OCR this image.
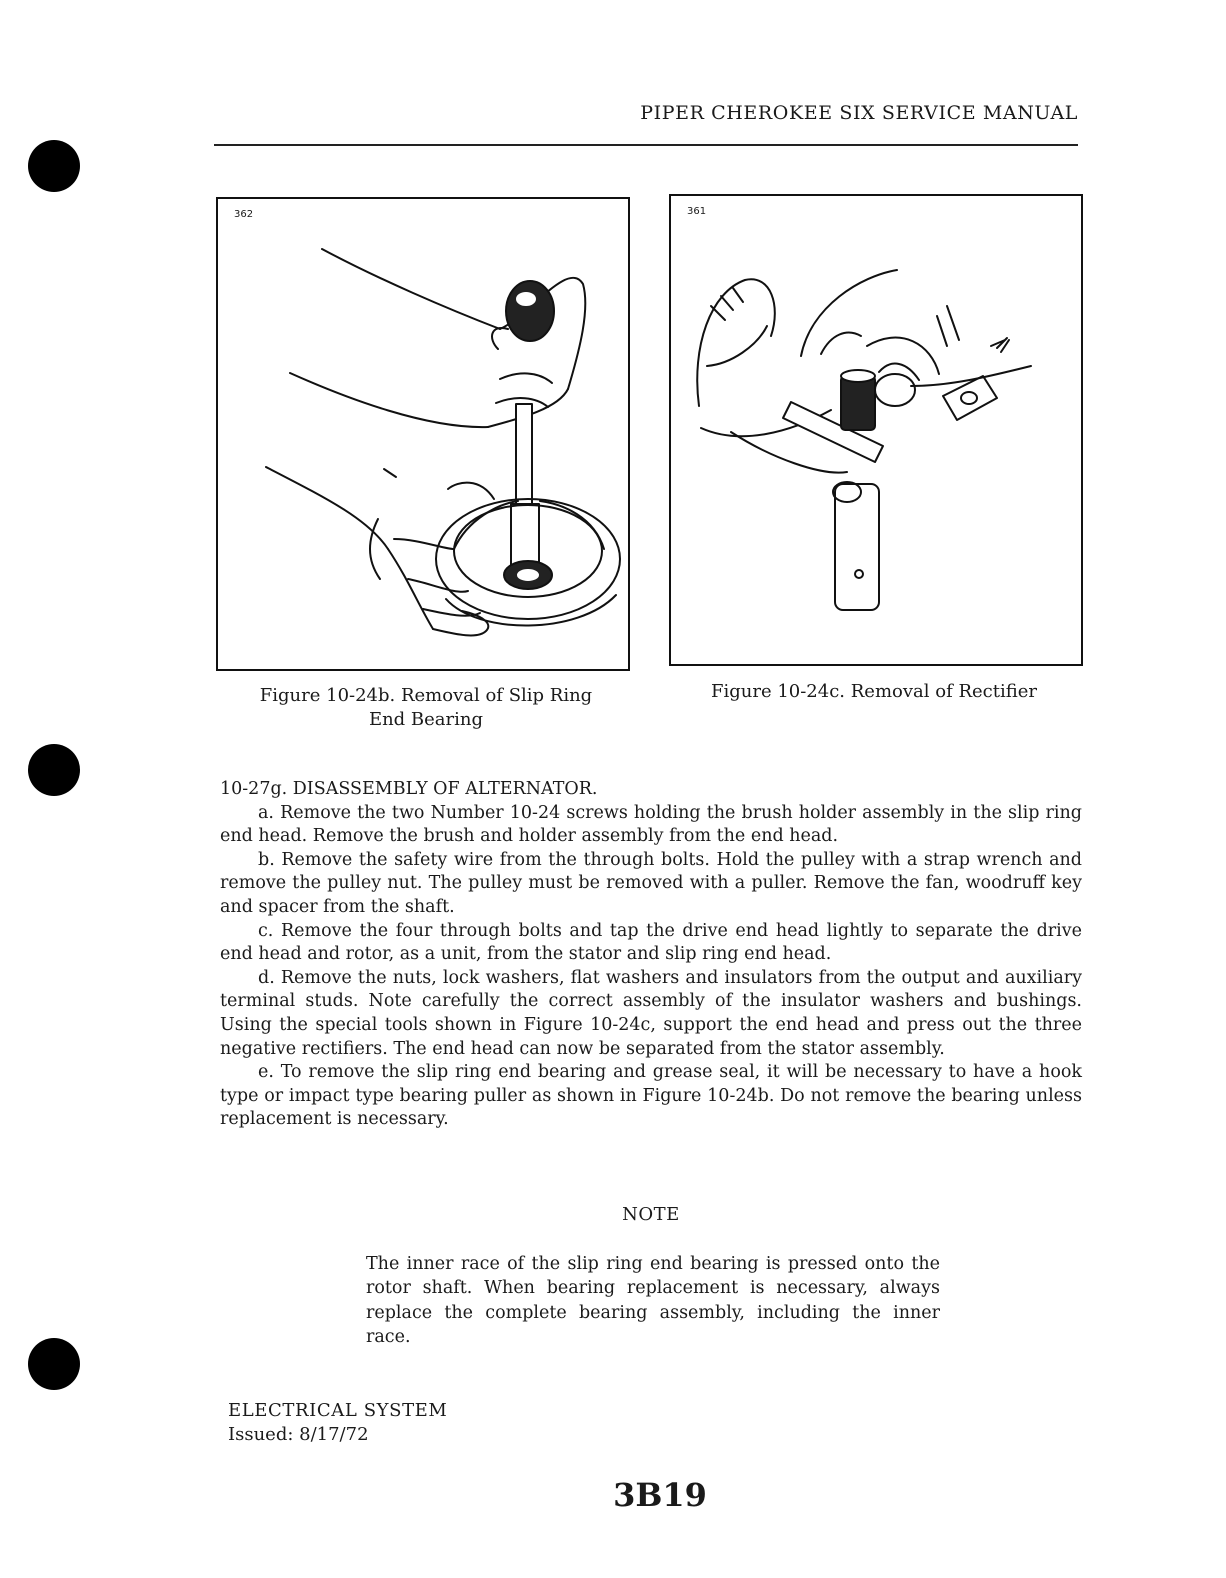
PIPER CHEROKEE SIX SERVICE MANUAL
362
Figure 10-24b. Removal of Slip Ring
End Bearing
361
Figure 10-24c. Removal of Rectifier

10-27g. DISASSEMBLY OF ALTERNATOR.

a. Remove the two Number 10-24 screws holding the brush holder assembly in the slip ring end head. Remove the brush and holder assembly from the end head.

b. Remove the safety wire from the through bolts. Hold the pulley with a strap wrench and remove the pulley nut. The pulley must be removed with a puller. Remove the fan, woodruff key and spacer from the shaft.

c. Remove the four through bolts and tap the drive end head lightly to separate the drive end head and rotor, as a unit, from the stator and slip ring end head.

d. Remove the nuts, lock washers, flat washers and insulators from the output and auxiliary terminal studs. Note carefully the correct assembly of the insulator washers and bushings. Using the special tools shown in Figure 10-24c, support the end head and press out the three negative rectifiers. The end head can now be separated from the stator assembly.

e. To remove the slip ring end bearing and grease seal, it will be necessary to have a hook type or impact type bearing puller as shown in Figure 10-24b. Do not remove the bearing unless replacement is necessary.

NOTE
The inner race of the slip ring end bearing is pressed onto the rotor shaft. When bearing replacement is necessary, always replace the complete bearing assembly, including the inner race.
ELECTRICAL SYSTEM
Issued: 8/17/72
3B19
